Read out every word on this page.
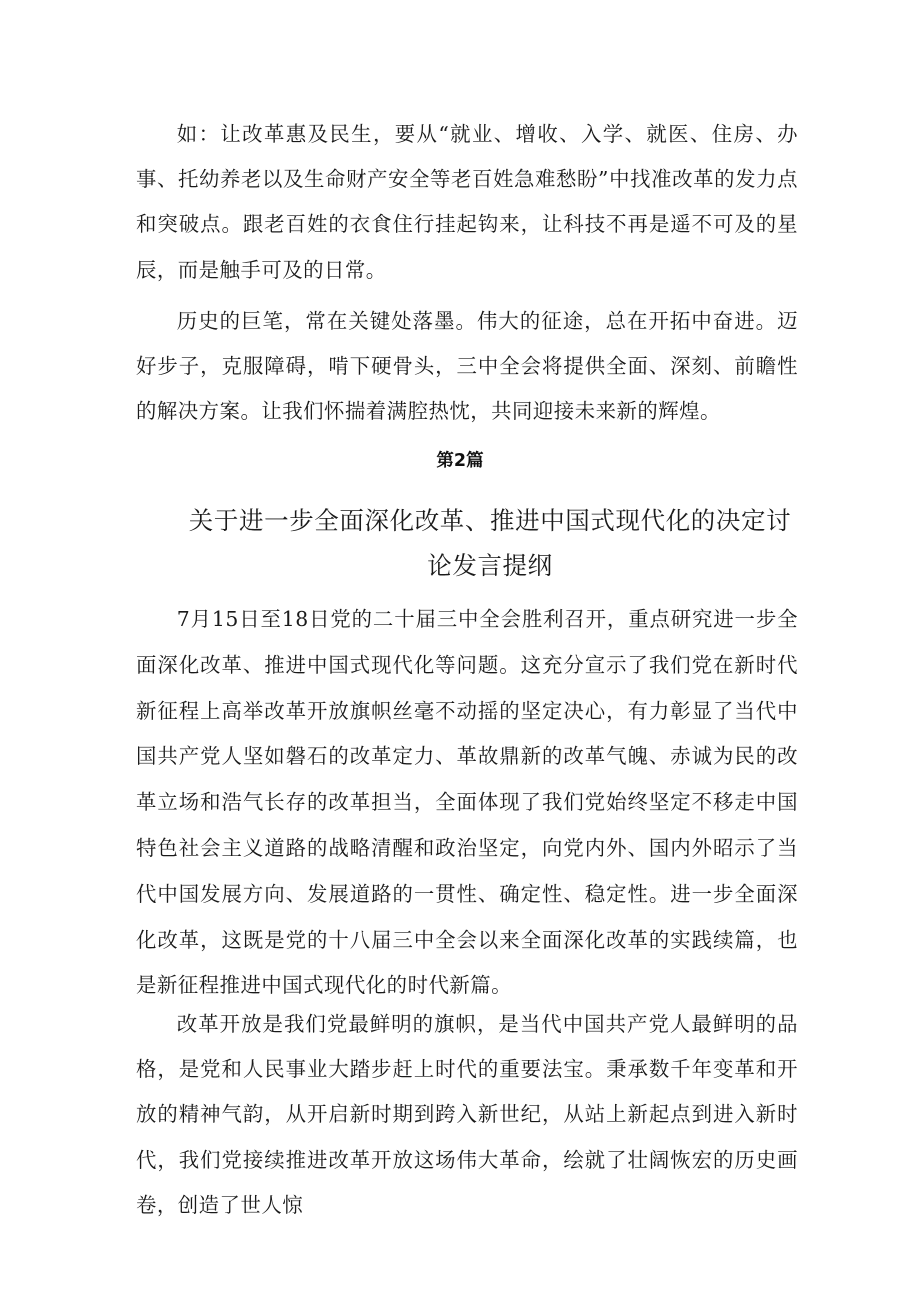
如：让改革惠及民生，要从“就业、增收、入学、就医、住房、办事、托幼养老以及生命财产安全等老百姓急难愁盼”中找准改革的发力点和突破点。跟老百姓的衣食住行挂起钩来，让科技不再是遥不可及的星辰，而是触手可及的日常。

历史的巨笔，常在关键处落墨。伟大的征途，总在开拓中奋进。迈好步子，克服障碍，啃下硬骨头，三中全会将提供全面、深刻、前瞻性的解决方案。让我们怀揣着满腔热忱，共同迎接未来新的辉煌。

第2篇
关于进一步全面深化改革、推进中国式现代化的决定讨论发言提纲

7月15日至18日党的二十届三中全会胜利召开，重点研究进一步全面深化改革、推进中国式现代化等问题。这充分宣示了我们党在新时代新征程上高举改革开放旗帜丝毫不动摇的坚定决心，有力彰显了当代中国共产党人坚如磐石的改革定力、革故鼎新的改革气魄、赤诚为民的改革立场和浩气长存的改革担当，全面体现了我们党始终坚定不移走中国特色社会主义道路的战略清醒和政治坚定，向党内外、国内外昭示了当代中国发展方向、发展道路的一贯性、确定性、稳定性。进一步全面深化改革，这既是党的十八届三中全会以来全面深化改革的实践续篇，也是新征程推进中国式现代化的时代新篇。

改革开放是我们党最鲜明的旗帜，是当代中国共产党人最鲜明的品格，是党和人民事业大踏步赶上时代的重要法宝。秉承数千年变革和开放的精神气韵，从开启新时期到跨入新世纪，从站上新起点到进入新时代，我们党接续推进改革开放这场伟大革命，绘就了壮阔恢宏的历史画卷，创造了世人惊
